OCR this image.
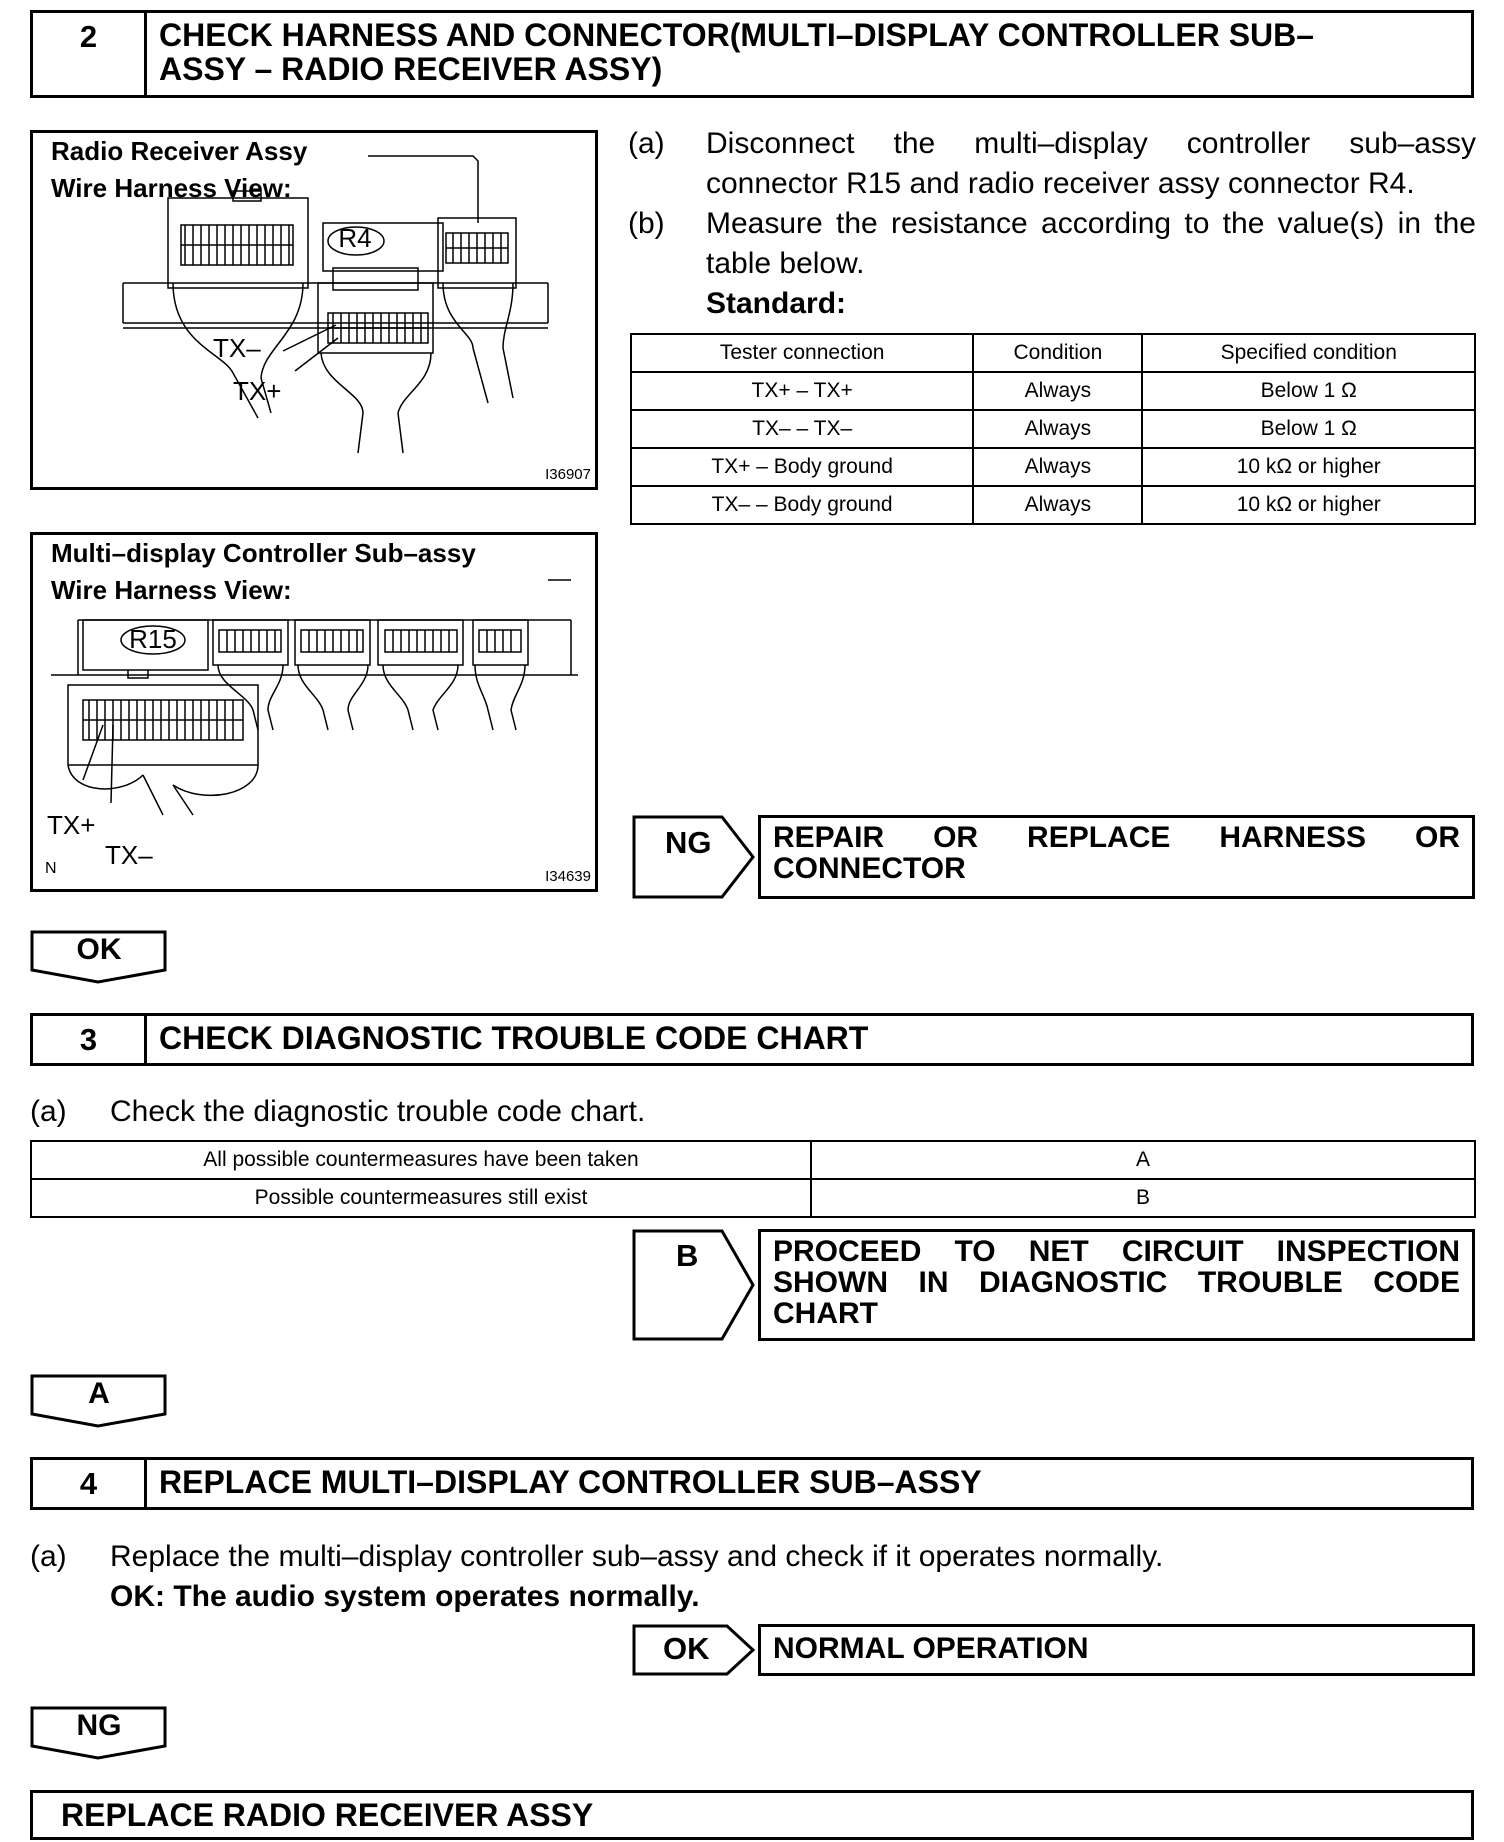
2	CHECK HARNESS AND CONNECTOR(MULTI–DISPLAY CONTROLLER SUB–
ASSY – RADIO RECEIVER ASSY)
Radio Receiver Assy
Wire Harness View:
R4
TX–
TX+
I36907
Multi–display Controller Sub–assy
Wire Harness View:
R15
TX+
TX–
N	I34639
(a) Disconnect the multi–display controller sub–assy connector R15 and radio receiver assy connector R4.
(b) Measure the resistance according to the value(s) in the table below.
Standard:
Tester connection	Condition	Specified condition
TX+ – TX+	Always	Below 1 Ω
TX– – TX–	Always	Below 1 Ω
TX+ – Body ground	Always	10 kΩ or higher
TX– – Body ground	Always	10 kΩ or higher
NG REPAIR OR REPLACE HARNESS OR
CONNECTOR
OK
3	CHECK DIAGNOSTIC TROUBLE CODE CHART
(a) Check the diagnostic trouble code chart.
All possible countermeasures have been taken	A
Possible countermeasures still exist	B
B PROCEED TO NET CIRCUIT INSPECTION
SHOWN IN DIAGNOSTIC TROUBLE CODE
CHART
A
4	REPLACE MULTI–DISPLAY CONTROLLER SUB–ASSY
(a) Replace the multi–display controller sub–assy and check if it operates normally.
OK: The audio system operates normally.
OK	NORMAL OPERATION
NG
REPLACE RADIO RECEIVER ASSY
